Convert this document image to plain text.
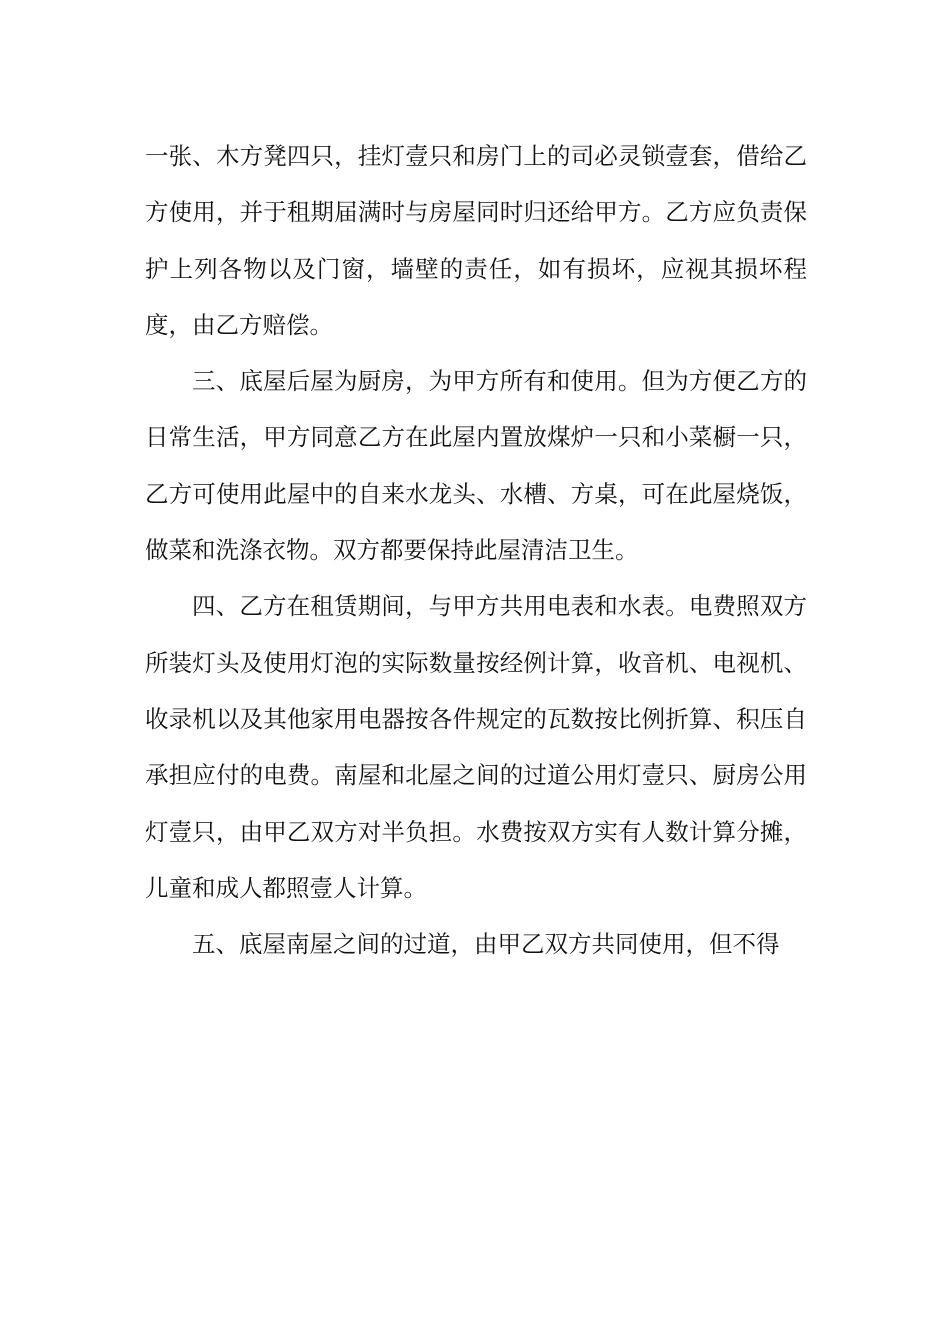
一张、木方凳四只，挂灯壹只和房门上的司必灵锁壹套，借给乙方使用，并于租期届满时与房屋同时归还给甲方。乙方应负责保护上列各物以及门窗，墙壁的责任，如有损坏，应视其损坏程度，由乙方赔偿。

三、底屋后屋为厨房，为甲方所有和使用。但为方便乙方的日常生活，甲方同意乙方在此屋内置放煤炉一只和小菜橱一只，乙方可使用此屋中的自来水龙头、水槽、方桌，可在此屋烧饭，做菜和洗涤衣物。双方都要保持此屋清洁卫生。

四、乙方在租赁期间，与甲方共用电表和水表。电费照双方所装灯头及使用灯泡的实际数量按经例计算，收音机、电视机、收录机以及其他家用电器按各件规定的瓦数按比例折算、积压自承担应付的电费。南屋和北屋之间的过道公用灯壹只、厨房公用灯壹只，由甲乙双方对半负担。水费按双方实有人数计算分摊，儿童和成人都照壹人计算。

五、底屋南屋之间的过道，由甲乙双方共同使用，但不得
